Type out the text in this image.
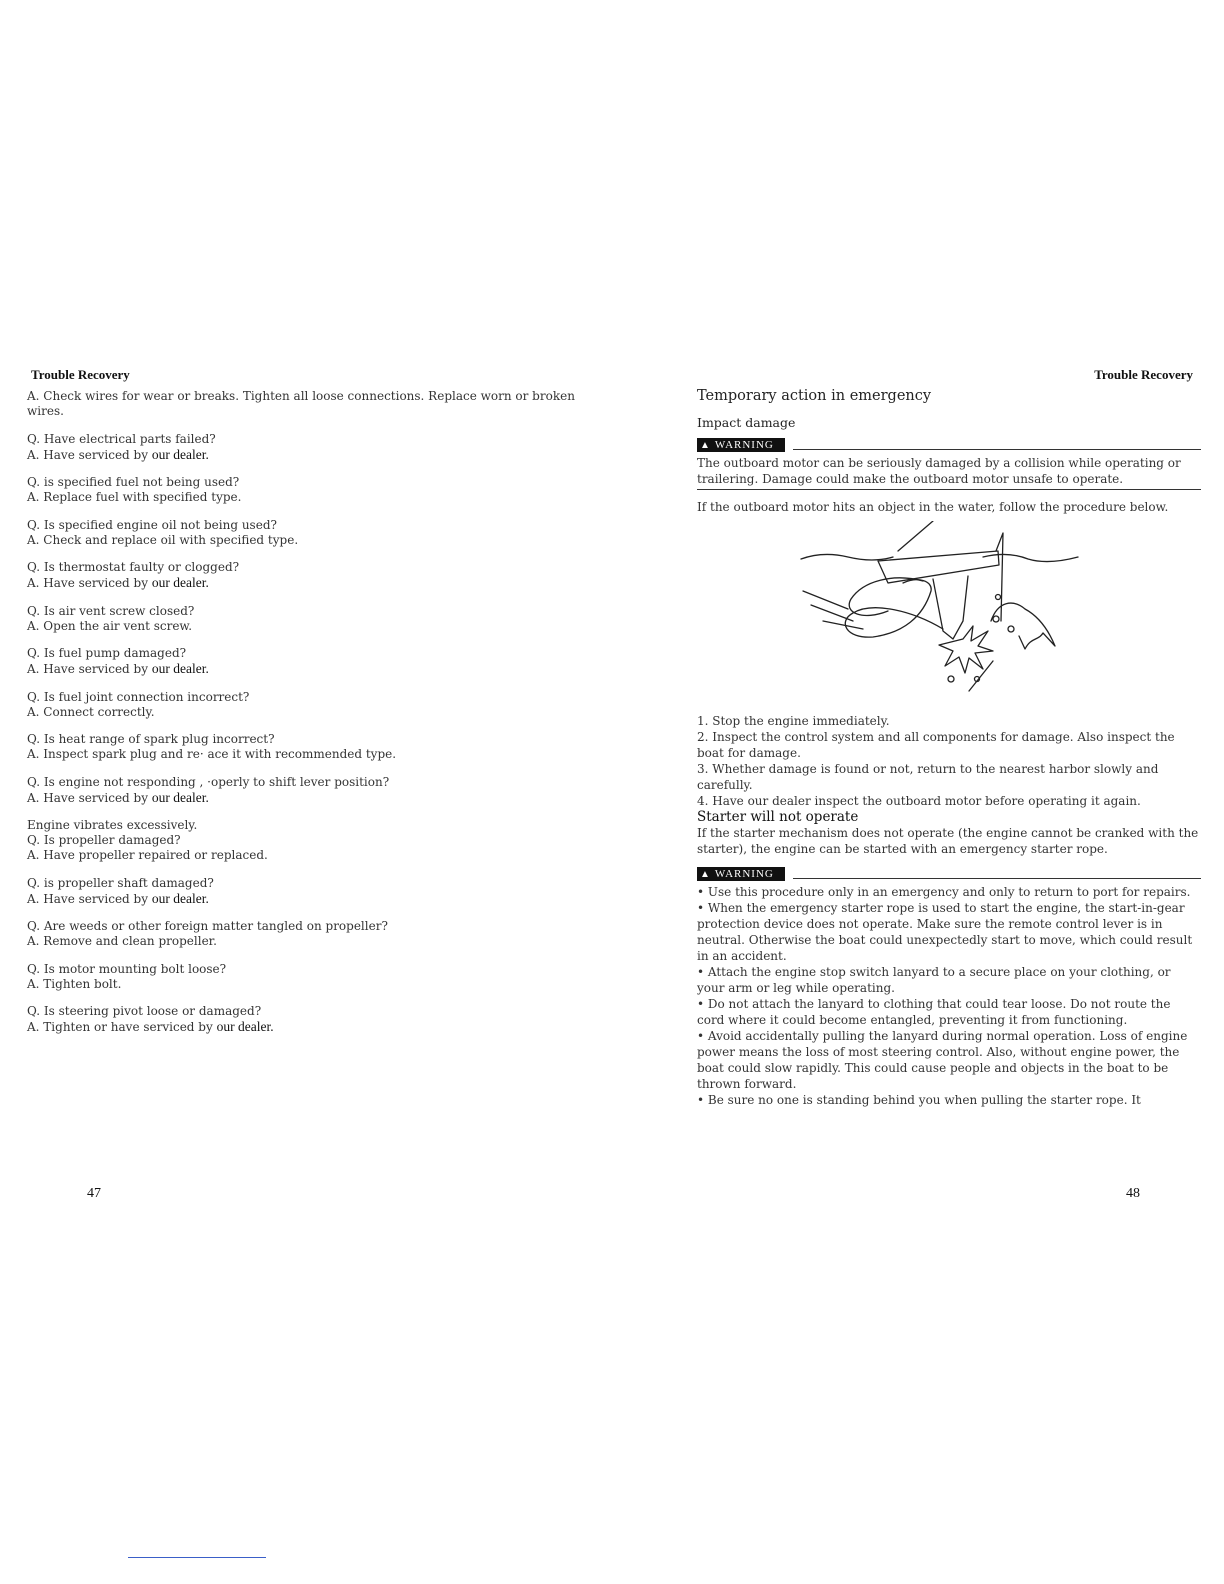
Trouble Recovery
A. Check wires for wear or breaks. Tighten all loose connections. Replace worn or broken wires.
Q. Have electrical parts failed?
A. Have serviced by our dealer.
Q. is specified fuel not being used?
A. Replace fuel with specified type.
Q. Is specified engine oil not being used?
A. Check and replace oil with specified type.
Q. Is thermostat faulty or clogged?
A. Have serviced by our dealer.
Q. Is air vent screw closed?
A. Open the air vent screw.
Q. Is fuel pump damaged?
A. Have serviced by our dealer.
Q. Is fuel joint connection incorrect?
A. Connect correctly.
Q. Is heat range of spark plug incorrect?
A. Inspect spark plug and re· ace it with recommended type.
Q. Is engine not responding , ·operly to shift lever position?
A. Have serviced by our dealer.
Engine vibrates excessively.
Q. Is propeller damaged?
A. Have propeller repaired or replaced.
Q. is propeller shaft damaged?
A. Have serviced by our dealer.
Q. Are weeds or other foreign matter tangled on propeller?
A. Remove and clean propeller.
Q. Is motor mounting bolt loose?
A. Tighten bolt.
Q. Is steering pivot loose or damaged?
A. Tighten or have serviced by our dealer.
47
Trouble Recovery
Temporary action in emergency
Impact damage
▲ WARNING

The outboard motor can be seriously damaged by a collision while operating or trailering. Damage could make the outboard motor unsafe to operate.

If the outboard motor hits an object in the water, follow the procedure below.

1. Stop the engine immediately.
2. Inspect the control system and all components for damage. Also inspect the boat for damage.
3. Whether damage is found or not, return to the nearest harbor slowly and carefully.
4. Have our dealer inspect the outboard motor before operating it again.
Starter will not operate

If the starter mechanism does not operate (the engine cannot be cranked with the starter), the engine can be started with an emergency starter rope.

▲ WARNING
• Use this procedure only in an emergency and only to return to port for repairs.
• When the emergency starter rope is used to start the engine, the start-in-gear protection device does not operate. Make sure the remote control lever is in neutral. Otherwise the boat could unexpectedly start to move, which could result in an accident.
• Attach the engine stop switch lanyard to a secure place on your clothing, or your arm or leg while operating.
• Do not attach the lanyard to clothing that could tear loose. Do not route the cord where it could become entangled, preventing it from functioning.
• Avoid accidentally pulling the lanyard during normal operation. Loss of engine power means the loss of most steering control. Also, without engine power, the boat could slow rapidly. This could cause people and objects in the boat to be thrown forward.
• Be sure no one is standing behind you when pulling the starter rope. It
48
